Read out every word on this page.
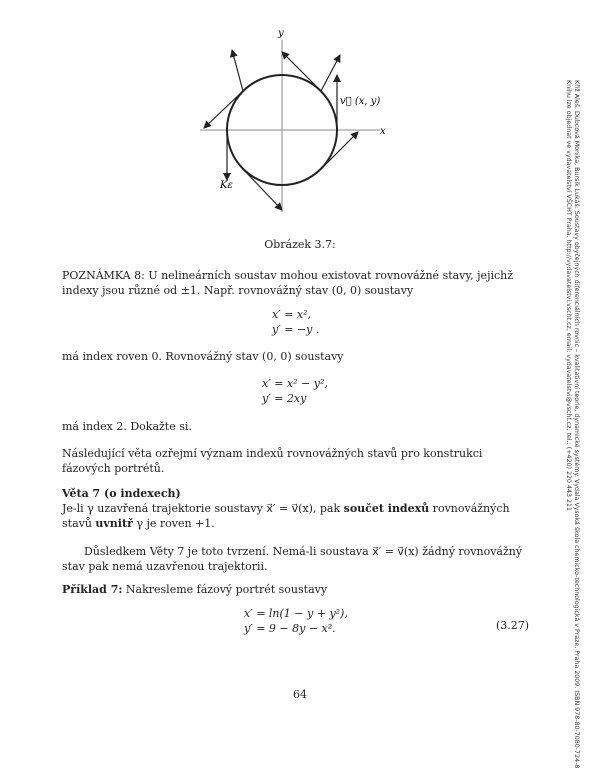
y
x
v⃗ (x, y)
Kε
Obrázek 3.7:
POZNÁMKA 8: U nelineárních soustav mohou existovat rovnovážné stavy, jejichž indexy jsou různé od ±1. Např. rovnovážný stav (0, 0) soustavy
x′ = x²,
y′ = −y .
má index roven 0. Rovnovážný stav (0, 0) soustavy
x′ = x² − y²,
y′ = 2xy
má index 2. Dokažte si.
Následující věta ozřejmí význam indexů rovnovážných stavů pro konstrukci fázových portrétů.
Věta 7 (o indexech)
Je-li γ uzavřená trajektorie soustavy x⃗′ = v⃗(x), pak součet indexů rovnovážných stavů uvnitř γ je roven +1.
Důsledkem Věty 7 je toto tvrzení. Nemá-li soustava x⃗′ = v⃗(x) žádný rovnovážný stav pak nemá uzavřenou trajektorii.
Příklad 7: Nakresleme fázový portrét soustavy
x′ = ln(1 − y + y²),
y′ = 9 − 8y − x².	(3.27)
64	Kříž Aleš, Dubcová Monika, Bursík Lukáš: Soustavy obyčejných diferenciálních rovnic – kvalitativní teorie, dynamické systémy. Vydala Vysoká škola chemicko-technologická v Praze, Praha 2009. ISBN 978-80-7080-724-8
Knihu lze objednat ve vydavatelství VŠCHT Praha, http://vydavatelstvi.vscht.cz, email: vydavatelstvi@vscht.cz, tel.: (+420) 220 443 211
